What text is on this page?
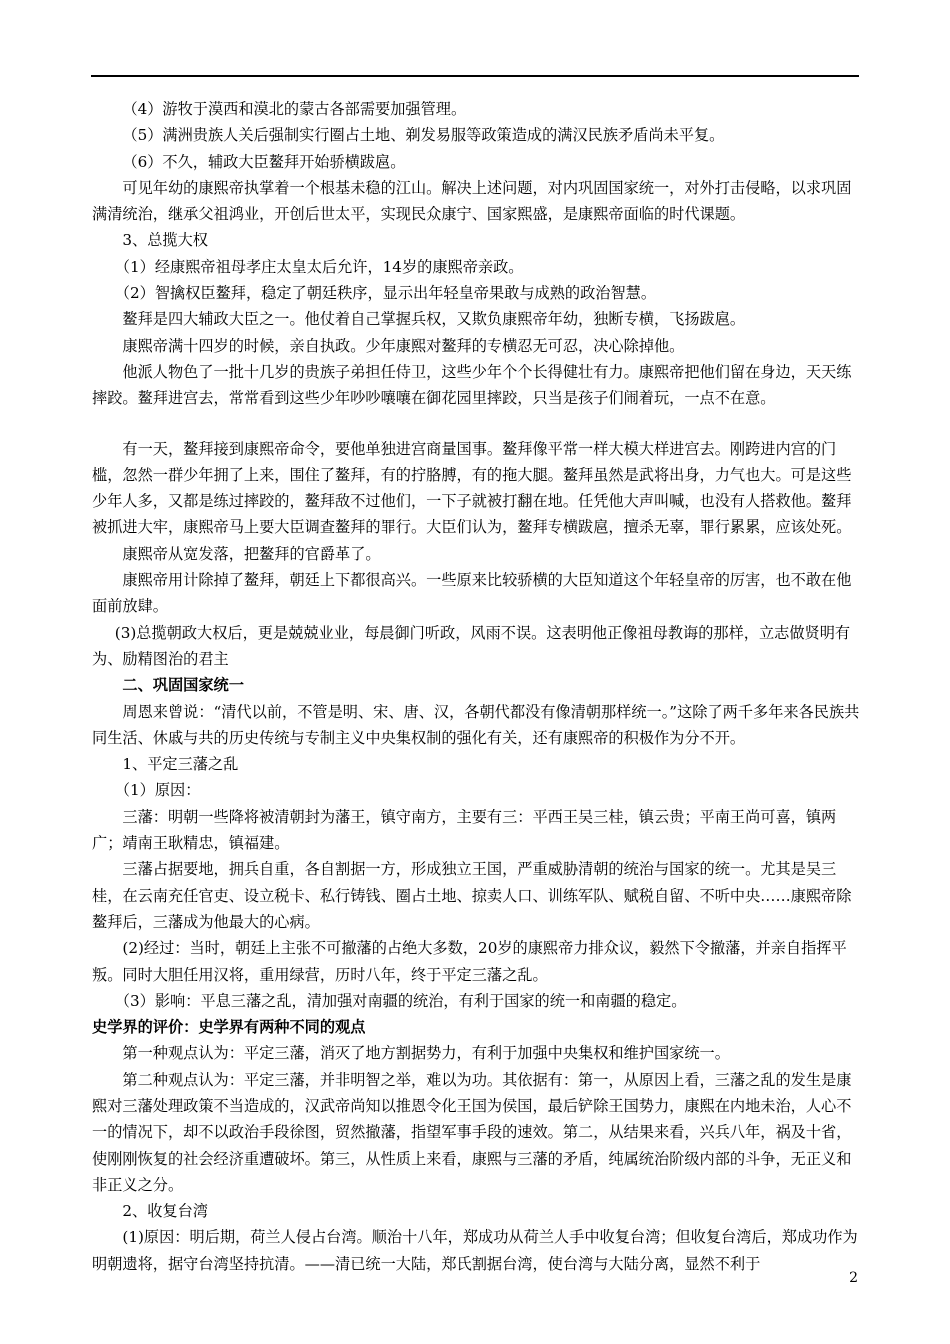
（4）游牧于漠西和漠北的蒙古各部需要加强管理。

（5）满洲贵族人关后强制实行圈占土地、剃发易服等政策造成的满汉民族矛盾尚未平复。

（6）不久，辅政大臣鳌拜开始骄横跋扈。

可见年幼的康熙帝执掌着一个根基未稳的江山。解决上述问题，对内巩固国家统一，对外打击侵略，以求巩固满清统治，继承父祖鸿业，开创后世太平，实现民众康宁、国家熙盛，是康熙帝面临的时代课题。

3、总揽大权

（1）经康熙帝祖母孝庄太皇太后允许，14岁的康熙帝亲政。

（2）智擒权臣鳌拜，稳定了朝廷秩序，显示出年轻皇帝果敢与成熟的政治智慧。

鳌拜是四大辅政大臣之一。他仗着自己掌握兵权，又欺负康熙帝年幼，独断专横，飞扬跋扈。

康熙帝满十四岁的时候，亲自执政。少年康熙对鳌拜的专横忍无可忍，决心除掉他。

他派人物色了一批十几岁的贵族子弟担任侍卫，这些少年个个长得健壮有力。康熙帝把他们留在身边，天天练摔跤。鳌拜进宫去，常常看到这些少年吵吵嚷嚷在御花园里摔跤，只当是孩子们闹着玩，一点不在意。

有一天，鳌拜接到康熙帝命令，要他单独进宫商量国事。鳌拜像平常一样大模大样进宫去。刚跨进内宫的门槛，忽然一群少年拥了上来，围住了鳌拜，有的拧胳膊，有的拖大腿。鳌拜虽然是武将出身，力气也大。可是这些少年人多，又都是练过摔跤的，鳌拜敌不过他们，一下子就被打翻在地。任凭他大声叫喊，也没有人搭救他。鳌拜被抓进大牢，康熙帝马上要大臣调查鳌拜的罪行。大臣们认为，鳌拜专横跋扈，擅杀无辜，罪行累累，应该处死。

康熙帝从宽发落，把鳌拜的官爵革了。

康熙帝用计除掉了鳌拜，朝廷上下都很高兴。一些原来比较骄横的大臣知道这个年轻皇帝的厉害，也不敢在他面前放肆。

(3)总揽朝政大权后，更是兢兢业业，每晨御门听政，风雨不误。这表明他正像祖母教诲的那样，立志做贤明有为、励精图治的君主

二、巩固国家统一

周恩来曾说：“清代以前，不管是明、宋、唐、汉，各朝代都没有像清朝那样统一。”这除了两千多年来各民族共同生活、休戚与共的历史传统与专制主义中央集权制的强化有关，还有康熙帝的积极作为分不开。

1、平定三藩之乱

（1）原因：

三藩：明朝一些降将被清朝封为藩王，镇守南方，主要有三：平西王吴三桂，镇云贵；平南王尚可喜，镇两广；靖南王耿精忠，镇福建。

三藩占据要地，拥兵自重，各自割据一方，形成独立王国，严重威胁清朝的统治与国家的统一。尤其是吴三桂，在云南充任官吏、设立税卡、私行铸钱、圈占土地、掠卖人口、训练军队、赋税自留、不听中央……康熙帝除鳌拜后，三藩成为他最大的心病。

(2)经过：当时，朝廷上主张不可撤藩的占绝大多数，20岁的康熙帝力排众议，毅然下令撤藩，并亲自指挥平叛。同时大胆任用汉将，重用绿营，历时八年，终于平定三藩之乱。

（3）影响：平息三藩之乱，清加强对南疆的统治，有利于国家的统一和南疆的稳定。

史学界的评价：史学界有两种不同的观点

第一种观点认为：平定三藩，消灭了地方割据势力，有利于加强中央集权和维护国家统一。

第二种观点认为：平定三藩，并非明智之举，难以为功。其依据有：第一，从原因上看，三藩之乱的发生是康熙对三藩处理政策不当造成的，汉武帝尚知以推恩令化王国为侯国，最后铲除王国势力，康熙在内地未治，人心不一的情况下，却不以政治手段徐图，贸然撤藩，指望军事手段的速效。第二，从结果来看，兴兵八年，祸及十省，使刚刚恢复的社会经济重遭破坏。第三，从性质上来看，康熙与三藩的矛盾，纯属统治阶级内部的斗争，无正义和非正义之分。

2、收复台湾

(1)原因：明后期，荷兰人侵占台湾。顺治十八年，郑成功从荷兰人手中收复台湾；但收复台湾后，郑成功作为明朝遗将，据守台湾坚持抗清。——清已统一大陆，郑氏割据台湾，使台湾与大陆分离，显然不利于

2
